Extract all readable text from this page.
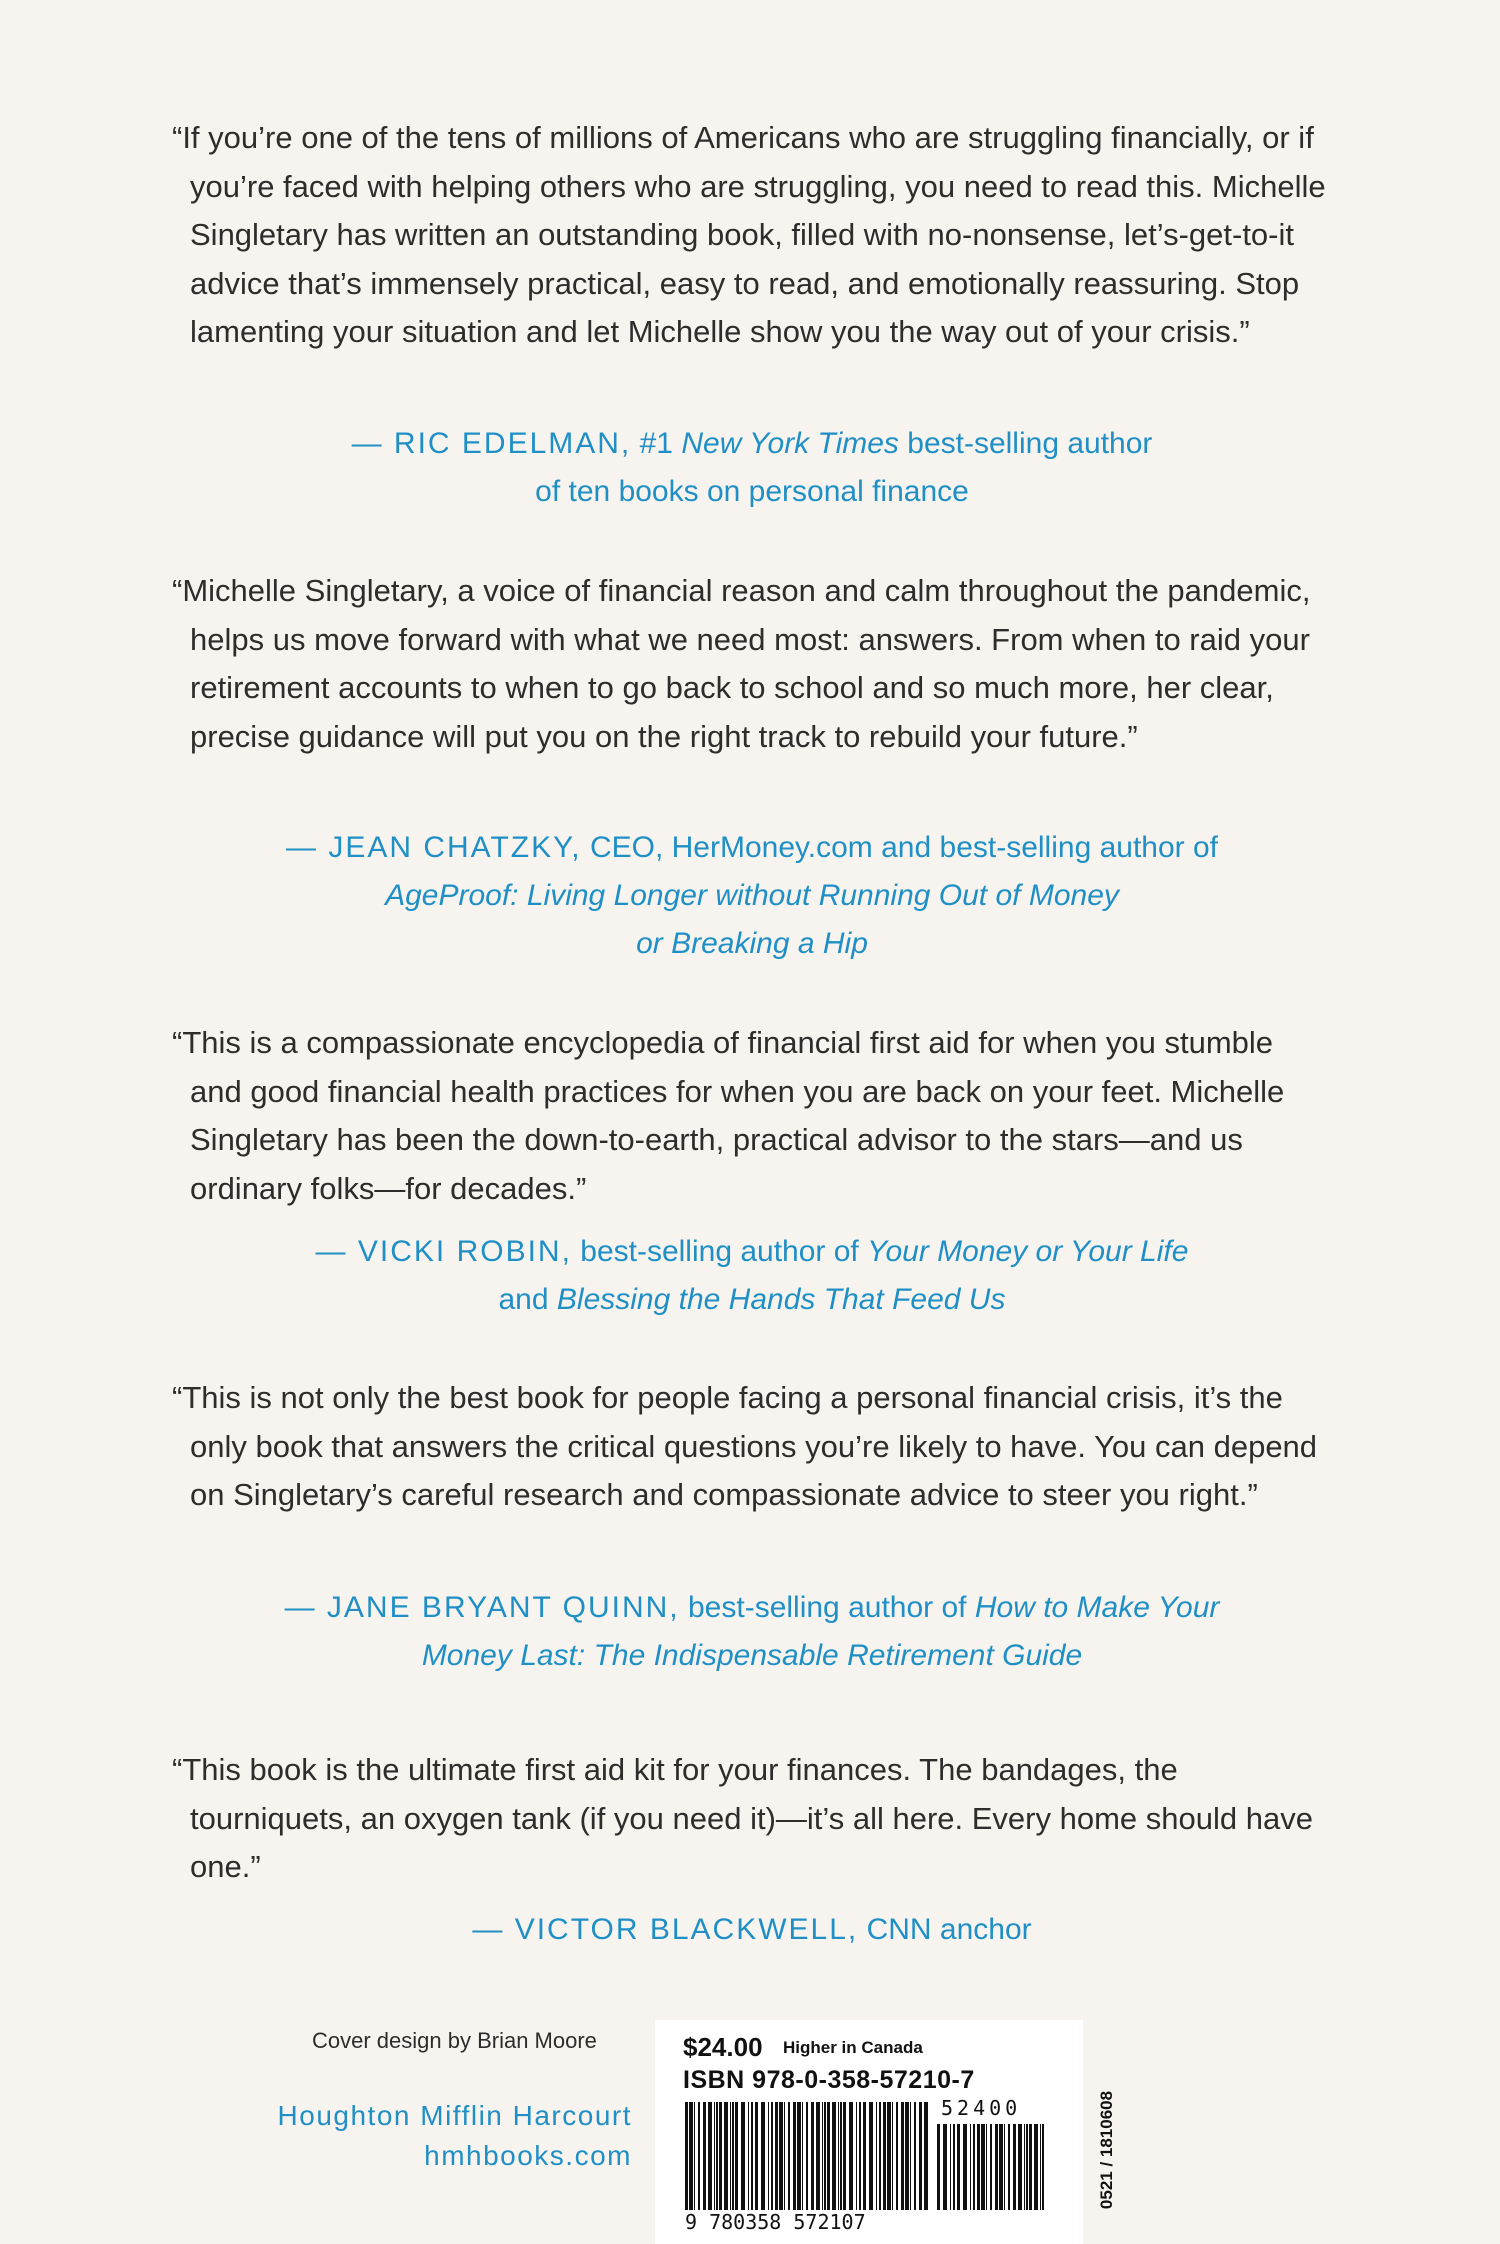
“If you’re one of the tens of millions of Americans who are struggling financially, or if you’re faced with helping others who are struggling, you need to read this. Michelle Singletary has written an outstanding book, filled with no-nonsense, let’s-get-to-it advice that’s immensely practical, easy to read, and emotionally reassuring. Stop lamenting your situation and let Michelle show you the way out of your crisis.”
— RIC EDELMAN, #1 New York Times best-selling author
of ten books on personal finance
“Michelle Singletary, a voice of financial reason and calm throughout the pandemic, helps us move forward with what we need most: answers. From when to raid your retirement accounts to when to go back to school and so much more, her clear, precise guidance will put you on the right track to rebuild your future.”
— JEAN CHATZKY, CEO, HerMoney.com and best-selling author of
AgeProof: Living Longer without Running Out of Money
or Breaking a Hip
“This is a compassionate encyclopedia of financial first aid for when you stumble and good financial health practices for when you are back on your feet. Michelle Singletary has been the down-to-earth, practical advisor to the stars—and us ordinary folks—for decades.”
— VICKI ROBIN, best-selling author of Your Money or Your Life
and Blessing the Hands That Feed Us
“This is not only the best book for people facing a personal financial crisis, it’s the only book that answers the critical questions you’re likely to have. You can depend on Singletary’s careful research and compassionate advice to steer you right.”
— JANE BRYANT QUINN, best-selling author of How to Make Your
Money Last: The Indispensable Retirement Guide
“This book is the ultimate first aid kit for your finances. The bandages, the tourniquets, an oxygen tank (if you need it)—it’s all here. Every home should have one.”
— VICTOR BLACKWELL, CNN anchor
Cover design by Brian Moore
Houghton Mifflin Harcourt
hmhbooks.com
$24.00 Higher in Canada
ISBN 978-0-358-57210-7
52400
9 780358 572107
0521 / 1810608
